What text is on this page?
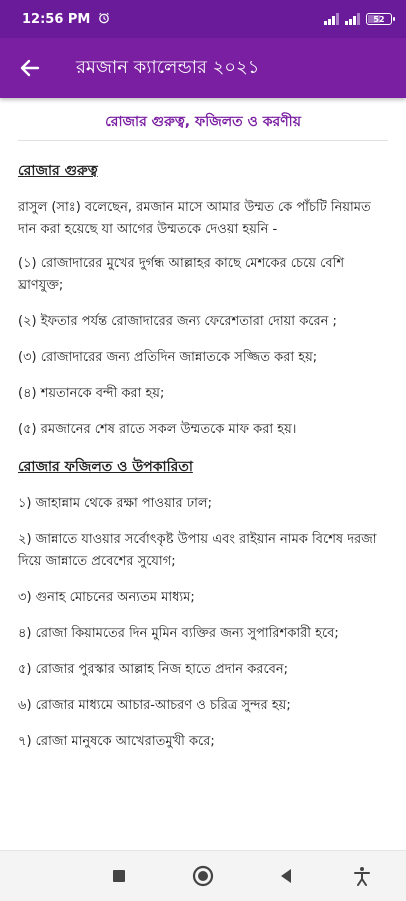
12:56 PM	52
রমজান ক্যালেন্ডার ২০২১
রোজার গুরুত্ব, ফজিলত ও করণীয়
রোজার গুরুত্ব

রাসুল (সাঃ) বলেছেন, রমজান মাসে আমার উম্মত কে পাঁচটি নিয়ামত দান করা হয়েছে যা আগের উম্মতকে দেওয়া হয়নি -

(১) রোজাদারের মুখের দুর্গন্ধ আল্লাহর কাছে মেশকের চেয়ে বেশি ঘ্রাণযুক্ত;

(২) ইফতার পর্যন্ত রোজাদারের জন্য ফেরেশতারা দোয়া করেন ;

(৩) রোজাদারের জন্য প্রতিদিন জান্নাতকে সজ্জিত করা হয়;

(৪) শয়তানকে বন্দী করা হয়;

(৫) রমজানের শেষ রাতে সকল উম্মতকে মাফ করা হয়।

রোজার ফজিলত ও উপকারিতা

১) জাহান্নাম থেকে রক্ষা পাওয়ার ঢাল;

২) জান্নাতে যাওয়ার সর্বোৎকৃষ্ট উপায় এবং রাইয়ান নামক বিশেষ দরজা দিয়ে জান্নাতে প্রবেশের সুযোগ;

৩) গুনাহ মোচনের অন্যতম মাধ্যম;

৪) রোজা কিয়ামতের দিন মুমিন ব্যক্তির জন্য সুপারিশকারী হবে;

৫) রোজার পুরস্কার আল্লাহ নিজ হাতে প্রদান করবেন;

৬) রোজার মাধ্যমে আচার-আচরণ ও চরিত্র সুন্দর হয়;

৭) রোজা মানুষকে আখেরাতমুখী করে;
